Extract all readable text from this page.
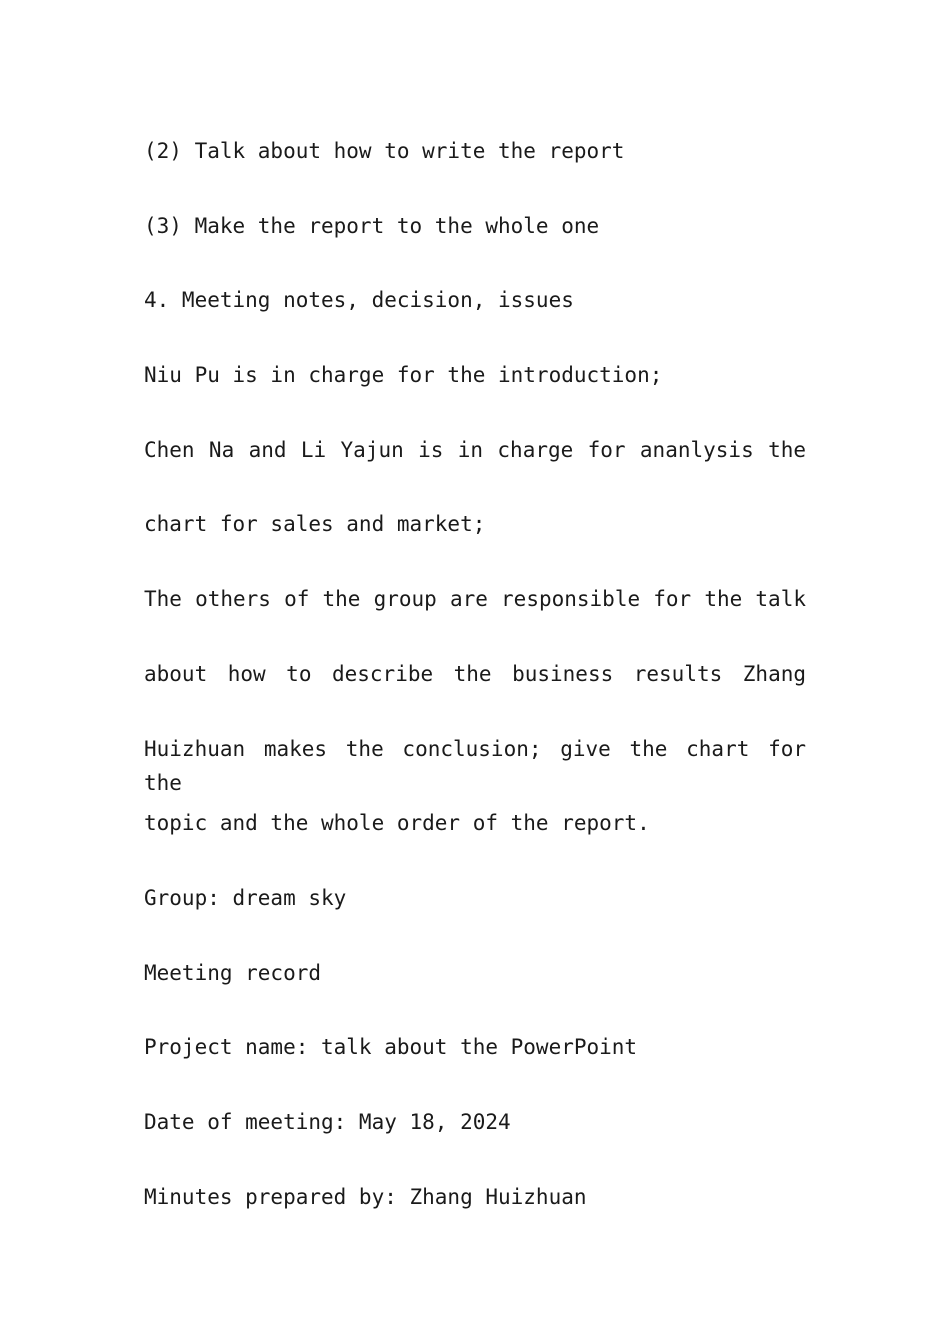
(2) Talk about how to write the report
(3) Make the report to the whole one
4. Meeting notes, decision, issues
Niu Pu is in charge for the introduction;
Chen Na and Li Yajun is in charge for ananlysis the
chart for sales and market;
The others of the group are responsible for the talk
about how to describe the business results Zhang
Huizhuan makes the conclusion; give the chart for the
topic and the whole order of the report.
Group: dream sky
Meeting record
Project name: talk about the PowerPoint
Date of meeting: May 18, 2024
Minutes prepared by: Zhang Huizhuan
